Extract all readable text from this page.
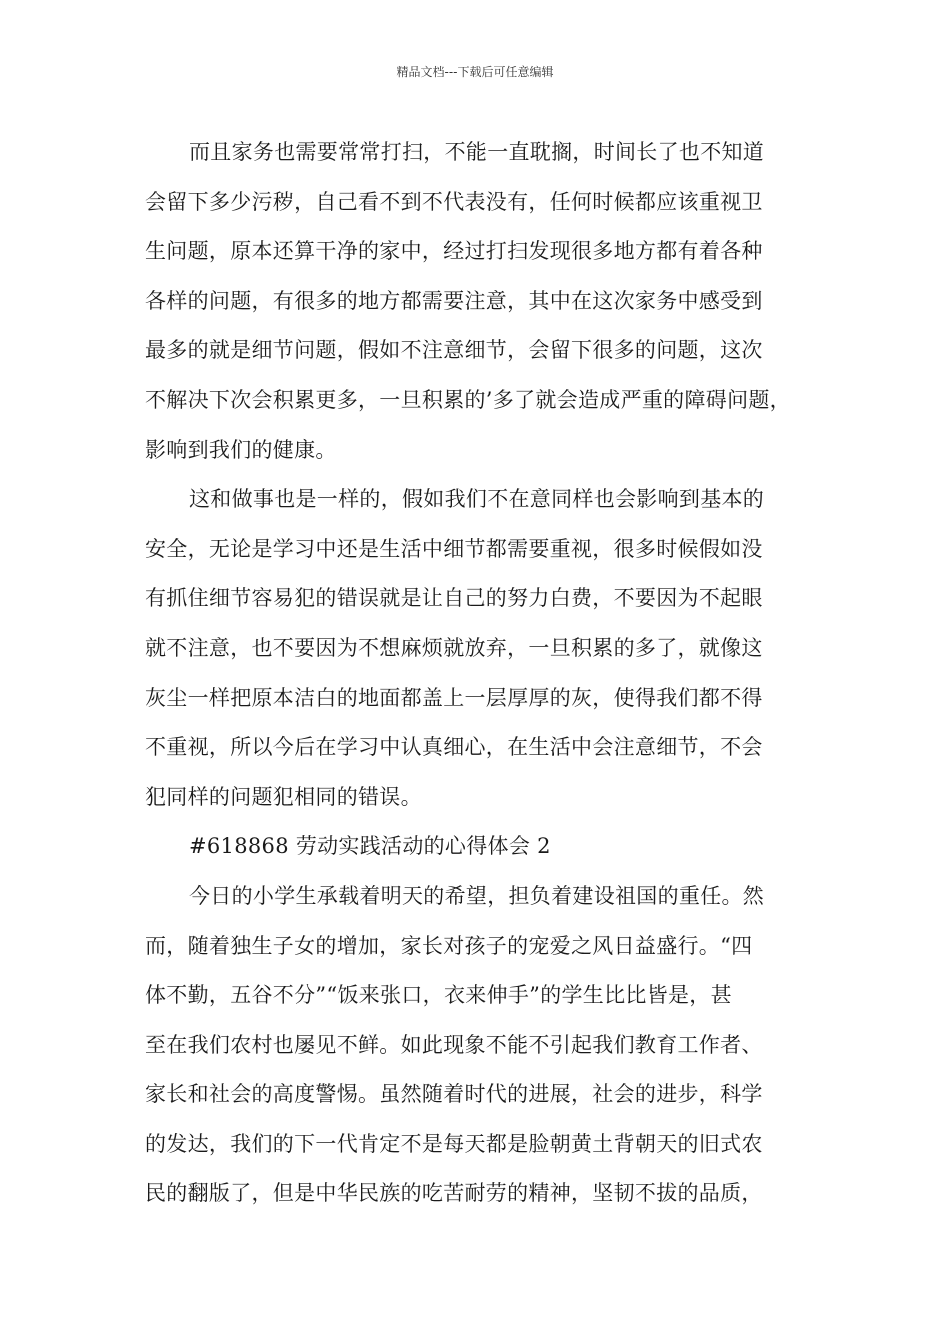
精品文档---下载后可任意编辑
而且家务也需要常常打扫，不能一直耽搁，时间长了也不知道
会留下多少污秽，自己看不到不代表没有，任何时候都应该重视卫
生问题，原本还算干净的家中，经过打扫发现很多地方都有着各种
各样的问题，有很多的地方都需要注意，其中在这次家务中感受到
最多的就是细节问题，假如不注意细节，会留下很多的问题，这次
不解决下次会积累更多，一旦积累的’多了就会造成严重的障碍问题，
影响到我们的健康。
这和做事也是一样的，假如我们不在意同样也会影响到基本的
安全，无论是学习中还是生活中细节都需要重视，很多时候假如没
有抓住细节容易犯的错误就是让自己的努力白费，不要因为不起眼
就不注意，也不要因为不想麻烦就放弃，一旦积累的多了，就像这
灰尘一样把原本洁白的地面都盖上一层厚厚的灰，使得我们都不得
不重视，所以今后在学习中认真细心，在生活中会注意细节，不会
犯同样的问题犯相同的错误。
#618868 劳动实践活动的心得体会 2
今日的小学生承载着明天的希望，担负着建设祖国的重任。然
而，随着独生子女的增加，家长对孩子的宠爱之风日益盛行。“四
体不勤，五谷不分”“饭来张口，衣来伸手”的学生比比皆是，甚
至在我们农村也屡见不鲜。如此现象不能不引起我们教育工作者、
家长和社会的高度警惕。虽然随着时代的进展，社会的进步，科学
的发达，我们的下一代肯定不是每天都是脸朝黄土背朝天的旧式农
民的翻版了，但是中华民族的吃苦耐劳的精神，坚韧不拔的品质，
